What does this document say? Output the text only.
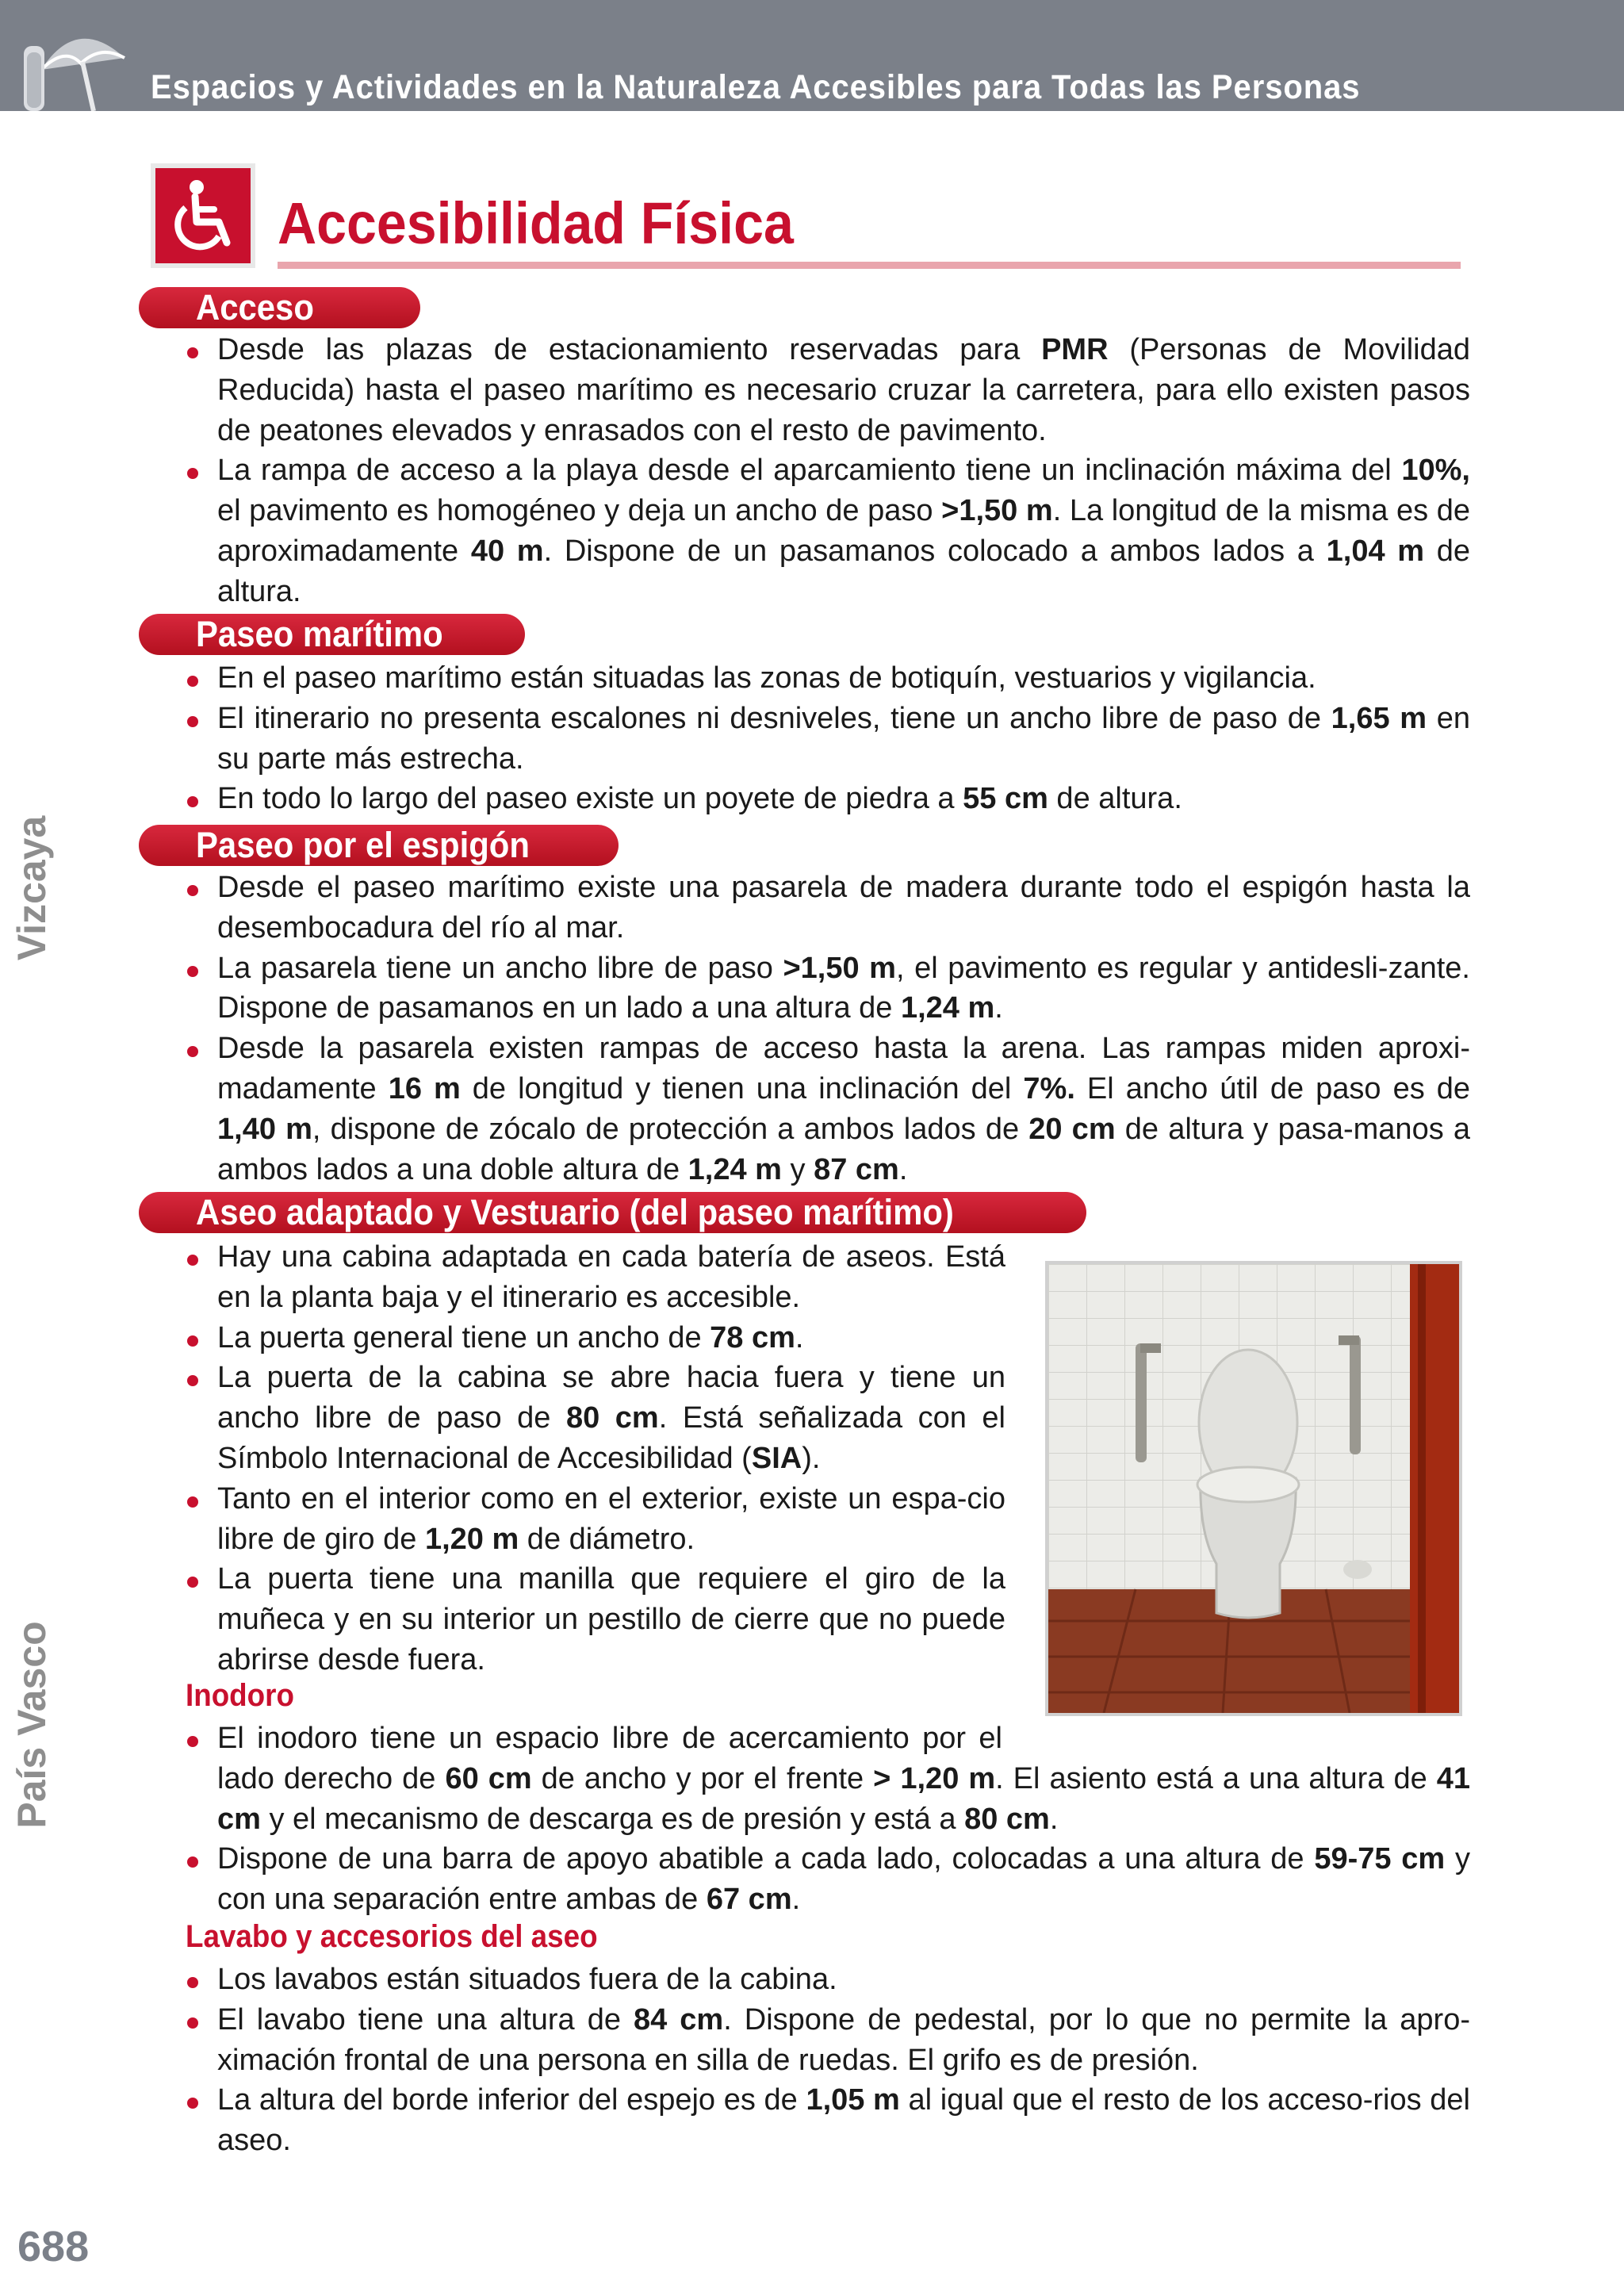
Espacios y Actividades en la Naturaleza Accesibles para Todas las Personas
Vizcaya
País Vasco
Accesibilidad Física
Acceso
Desde las plazas de estacionamiento reservadas para PMR (Personas de Movilidad Reducida) hasta el paseo marítimo es necesario cruzar la carretera, para ello existen pasos de peatones elevados y enrasados con el resto de pavimento.
La rampa de acceso a la playa desde el aparcamiento tiene un inclinación máxima del 10%, el pavimento es homogéneo y deja un ancho de paso >1,50 m. La longitud de la misma es de aproximadamente 40 m. Dispone de un pasamanos colocado a ambos lados a 1,04 m de altura.
Paseo marítimo
En el paseo marítimo están situadas las zonas de botiquín, vestuarios y vigilancia.
El itinerario no presenta escalones ni desniveles, tiene un ancho libre de paso de 1,65 m en su parte más estrecha.
En todo lo largo del paseo existe un poyete de piedra a 55 cm de altura.
Paseo por el espigón
Desde el paseo marítimo existe una pasarela de madera durante todo el espigón hasta la desembocadura del río al mar.
La pasarela tiene un ancho libre de paso >1,50 m, el pavimento es regular y antidesli-zante. Dispone de pasamanos en un lado a una altura de 1,24 m.
Desde la pasarela existen rampas de acceso hasta la arena. Las rampas miden aproxi-madamente 16 m de longitud y tienen una inclinación del 7%. El ancho útil de paso es de 1,40 m, dispone de zócalo de protección a ambos lados de 20 cm de altura y pasa-manos a ambos lados a una doble altura de 1,24 m y 87 cm.
Aseo adaptado y Vestuario (del paseo marítimo)
Hay una cabina adaptada en cada batería de aseos. Está en la planta baja y el itinerario es accesible.
La puerta general tiene un ancho de 78 cm.
La puerta de la cabina se abre hacia fuera y tiene un ancho libre de paso de 80 cm. Está señalizada con el Símbolo Internacional de Accesibilidad (SIA).
Tanto en el interior como en el exterior, existe un espa-cio libre de giro de 1,20 m de diámetro.
La puerta tiene una manilla que requiere el giro de la muñeca y en su interior un pestillo de cierre que no puede abrirse desde fuera.
Inodoro
El inodoro tiene un espacio libre de acercamiento por el lado derecho de 60 cm de ancho y por el frente > 1,20 m. El asiento está a una altura de 41 cm y el mecanismo de descarga es de presión y está a 80 cm.
Dispone de una barra de apoyo abatible a cada lado, colocadas a una altura de 59-75 cm y con una separación entre ambas de 67 cm.
Lavabo y accesorios del aseo
Los lavabos están situados fuera de la cabina.
El lavabo tiene una altura de 84 cm. Dispone de pedestal, por lo que no permite la apro-ximación frontal de una persona en silla de ruedas. El grifo es de presión.
La altura del borde inferior del espejo es de 1,05 m al igual que el resto de los acceso-rios del aseo.
688
